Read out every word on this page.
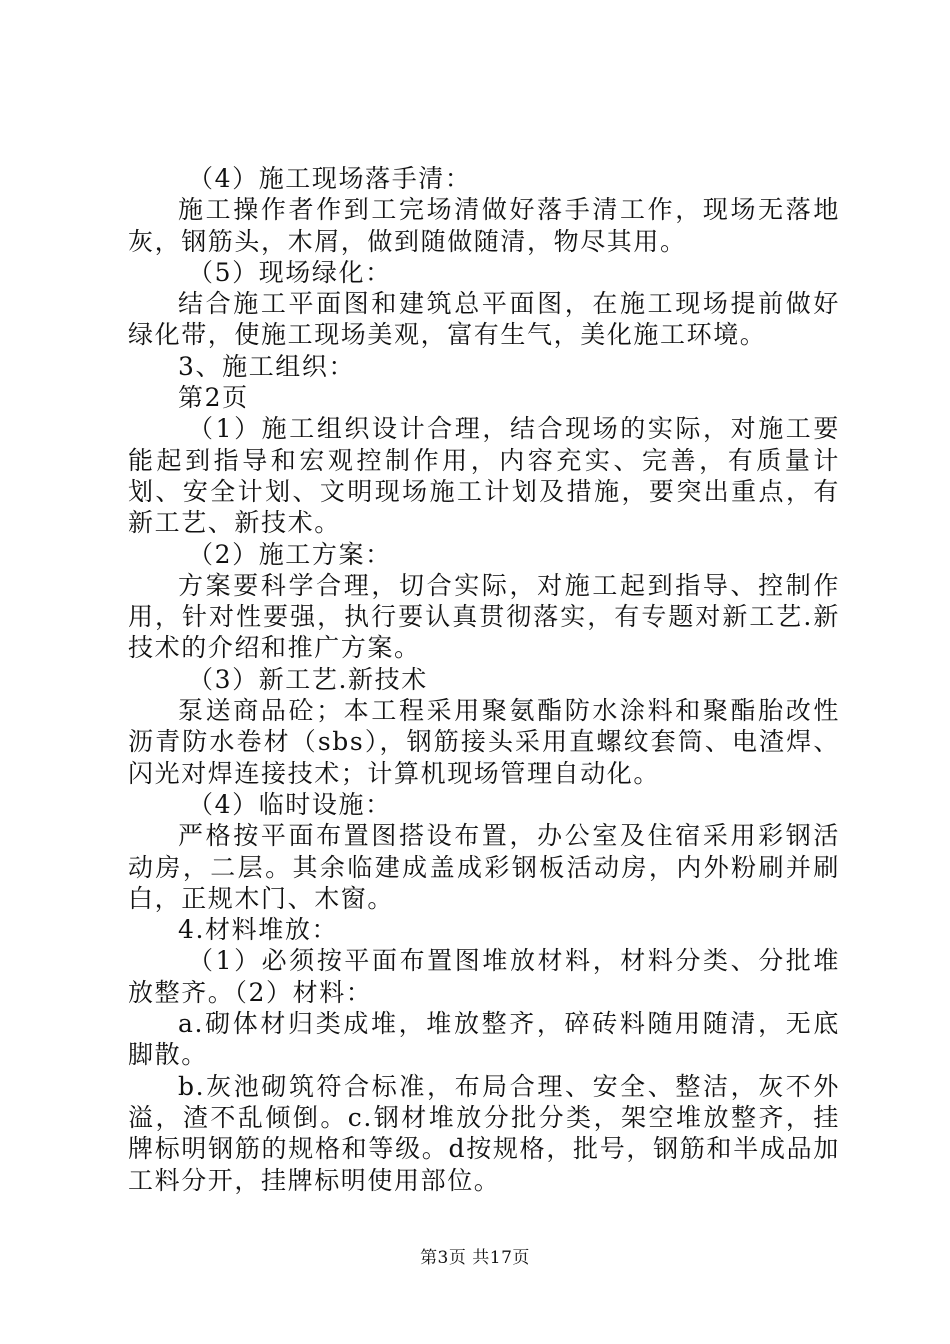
（4）施工现场落手清：

施工操作者作到工完场清做好落手清工作，现场无落地灰，钢筋头，木屑，做到随做随清，物尽其用。

（5）现场绿化：

结合施工平面图和建筑总平面图，在施工现场提前做好绿化带，使施工现场美观，富有生气，美化施工环境。

3、施工组织：

第2页

（1）施工组织设计合理，结合现场的实际，对施工要能起到指导和宏观控制作用，内容充实、完善，有质量计划、安全计划、文明现场施工计划及措施，要突出重点，有新工艺、新技术。

（2）施工方案：

方案要科学合理，切合实际，对施工起到指导、控制作用，针对性要强，执行要认真贯彻落实，有专题对新工艺.新技术的介绍和推广方案。

（3）新工艺.新技术

泵送商品砼；本工程采用聚氨酯防水涂料和聚酯胎改性沥青防水卷材（sbs），钢筋接头采用直螺纹套筒、电渣焊、闪光对焊连接技术；计算机现场管理自动化。

（4）临时设施：

严格按平面布置图搭设布置，办公室及住宿采用彩钢活动房，二层。其余临建成盖成彩钢板活动房，内外粉刷并刷白，正规木门、木窗。

4.材料堆放：

（1）必须按平面布置图堆放材料，材料分类、分批堆放整齐。（2）材料：

a.砌体材归类成堆，堆放整齐，碎砖料随用随清，无底脚散。

b.灰池砌筑符合标准，布局合理、安全、整洁，灰不外溢，渣不乱倾倒。c.钢材堆放分批分类，架空堆放整齐，挂牌标明钢筋的规格和等级。d按规格，批号，钢筋和半成品加工料分开，挂牌标明使用部位。

第3页 共17页
